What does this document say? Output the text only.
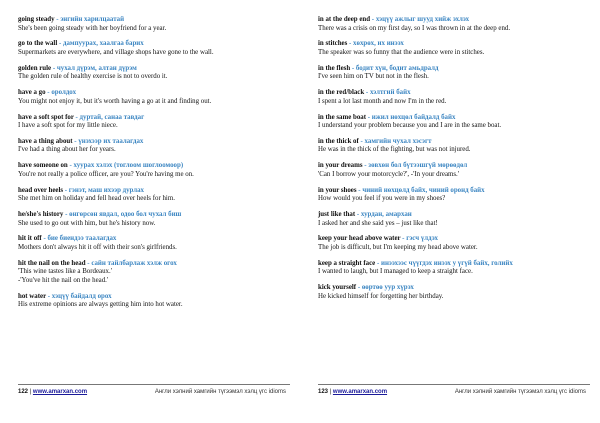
going steady - энгийн харилцаатай
She's been going steady with her boyfriend for a year.
go to the wall - дампуурах, хаалгаа барих
Supermarkets are everywhere, and village shops have gone to the wall.
golden rule - чухал дүрэм, алтан дүрэм
The golden rule of healthy exercise is not to overdo it.
have a go - оролдох
You might not enjoy it, but it's worth having a go at it and finding out.
have a soft spot for - дуртай, санаа тавдаг
I have a soft spot for my little niece.
have a thing about - үнэхээр их таалагдах
I've had a thing about her for years.
have someone on - хуурах хэлэх (тоглоом шоглоомоор)
You're not really a police officer, are you? You're having me on.
head over heels - гэнэт, маш ихээр дурлах
She met him on holiday and fell head over heels for him.
he/she's history - өнгөрсөн явдал, одоо бол чухал биш
She used to go out with him, but he's history now.
hit it off - бие биендээ таалагдах
Mothers don't always hit it off with their son's girlfriends.
hit the nail on the head - сайн тайлбарлаж хэлж огох
'This wine tastes like a Bordeaux.'
-'You've hit the nail on the head.'
hot water - хэцүү байдалд орох
His extreme opinions are always getting him into hot water.
122 | www.amarxan.com	Англи хэлний хамгийн түгээмэл хэлц үгс idioms
in at the deep end - хэцүү ажлыг шууд хийж эхлэх
There was a crisis on my first day, so I was thrown in at the deep end.
in stitches - хөхрөх, их инээх
The speaker was so funny that the audience were in stitches.
in the flesh - бодит хүн, бодит амьдралд
I've seen him on TV but not in the flesh.
in the red/black - хэлтгий байх
I spent a lot last month and now I'm in the red.
in the same boat - ижил нөхцөл байдалд байх
I understand your problem because you and I are in the same boat.
in the thick of - хамгийн чухал хэсэгт
He was in the thick of the fighting, but was not injured.
in your dreams - зөвхөн бол бүтээшгүй мөрөөдөл
'Can I borrow your motorcycle?', -'In your dreams.'
in your shoes - чиний нөхцөлд байх, чиний оронд байх
How would you feel if you were in my shoes?
just like that - хурдан, амархан
I asked her and she said yes – just like that!
keep your head above water - гэсч үлдэх
The job is difficult, but I'm keeping my head above water.
keep a straight face - инээхээс чүүгдэх инээх у үгүй байх, голийх
I wanted to laugh, but I managed to keep a straight face.
kick yourself - өөртөө уур хүрэх
He kicked himself for forgetting her birthday.
123 | www.amarxan.com	Англи хэлний хамгийн түгээмэл хэлц үгс idioms
